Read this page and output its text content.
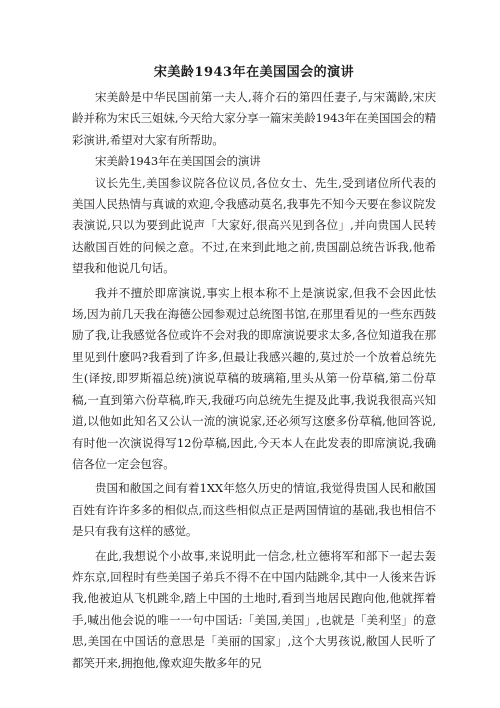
宋美龄1943年在美国国会的演讲

宋美龄是中华民国前第一夫人,蒋介石的第四任妻子,与宋蔼龄,宋庆龄并称为宋氏三姐妹,今天给大家分享一篇宋美龄1943年在美国国会的精彩演讲,希望对大家有所帮助。

宋美龄1943年在美国国会的演讲

议长先生,美国参议院各位议员,各位女士、先生,受到诸位所代表的美国人民热情与真诚的欢迎,令我感动莫名,我事先不知今天要在参议院发表演说,只以为要到此说声「大家好,很高兴见到各位」,并向贵国人民转达敝国百姓的问候之意。不过,在来到此地之前,贵国副总统告诉我,他希望我和他说几句话。

我并不擅於即席演说,事实上根本称不上是演说家,但我不会因此怯场,因为前几天我在海德公园参观过总统图书馆,在那里看见的一些东西鼓励了我,让我感觉各位或许不会对我的即席演说要求太多,各位知道我在那里见到什麽吗?我看到了许多,但最让我感兴趣的,莫过於一个放着总统先生(译按,即罗斯福总统)演说草稿的玻璃箱,里头从第一份草稿,第二份草稿,一直到第六份草稿,昨天,我碰巧向总统先生提及此事,我说我很高兴知道,以他如此知名又公认一流的演说家,还必须写这麽多份草稿,他回答说,有时他一次演说得写12份草稿,因此,今天本人在此发表的即席演说,我确信各位一定会包容。

贵国和敝国之间有着1XX年悠久历史的情谊,我觉得贵国人民和敝国百姓有许许多多的相似点,而这些相似点正是两国情谊的基础,我也相信不是只有我有这样的感觉。

在此,我想说个小故事,来说明此一信念,杜立德将军和部下一起去轰炸东京,回程时有些美国子弟兵不得不在中国内陆跳伞,其中一人後来告诉我,他被迫从飞机跳伞,踏上中国的土地时,看到当地居民跑向他,他就挥着手,喊出他会说的唯一一句中国话:「美国,美国」,也就是「美利坚」的意思,美国在中国话的意思是「美丽的国家」,这个大男孩说,敝国人民听了都笑开来,拥抱他,像欢迎失散多年的兄
